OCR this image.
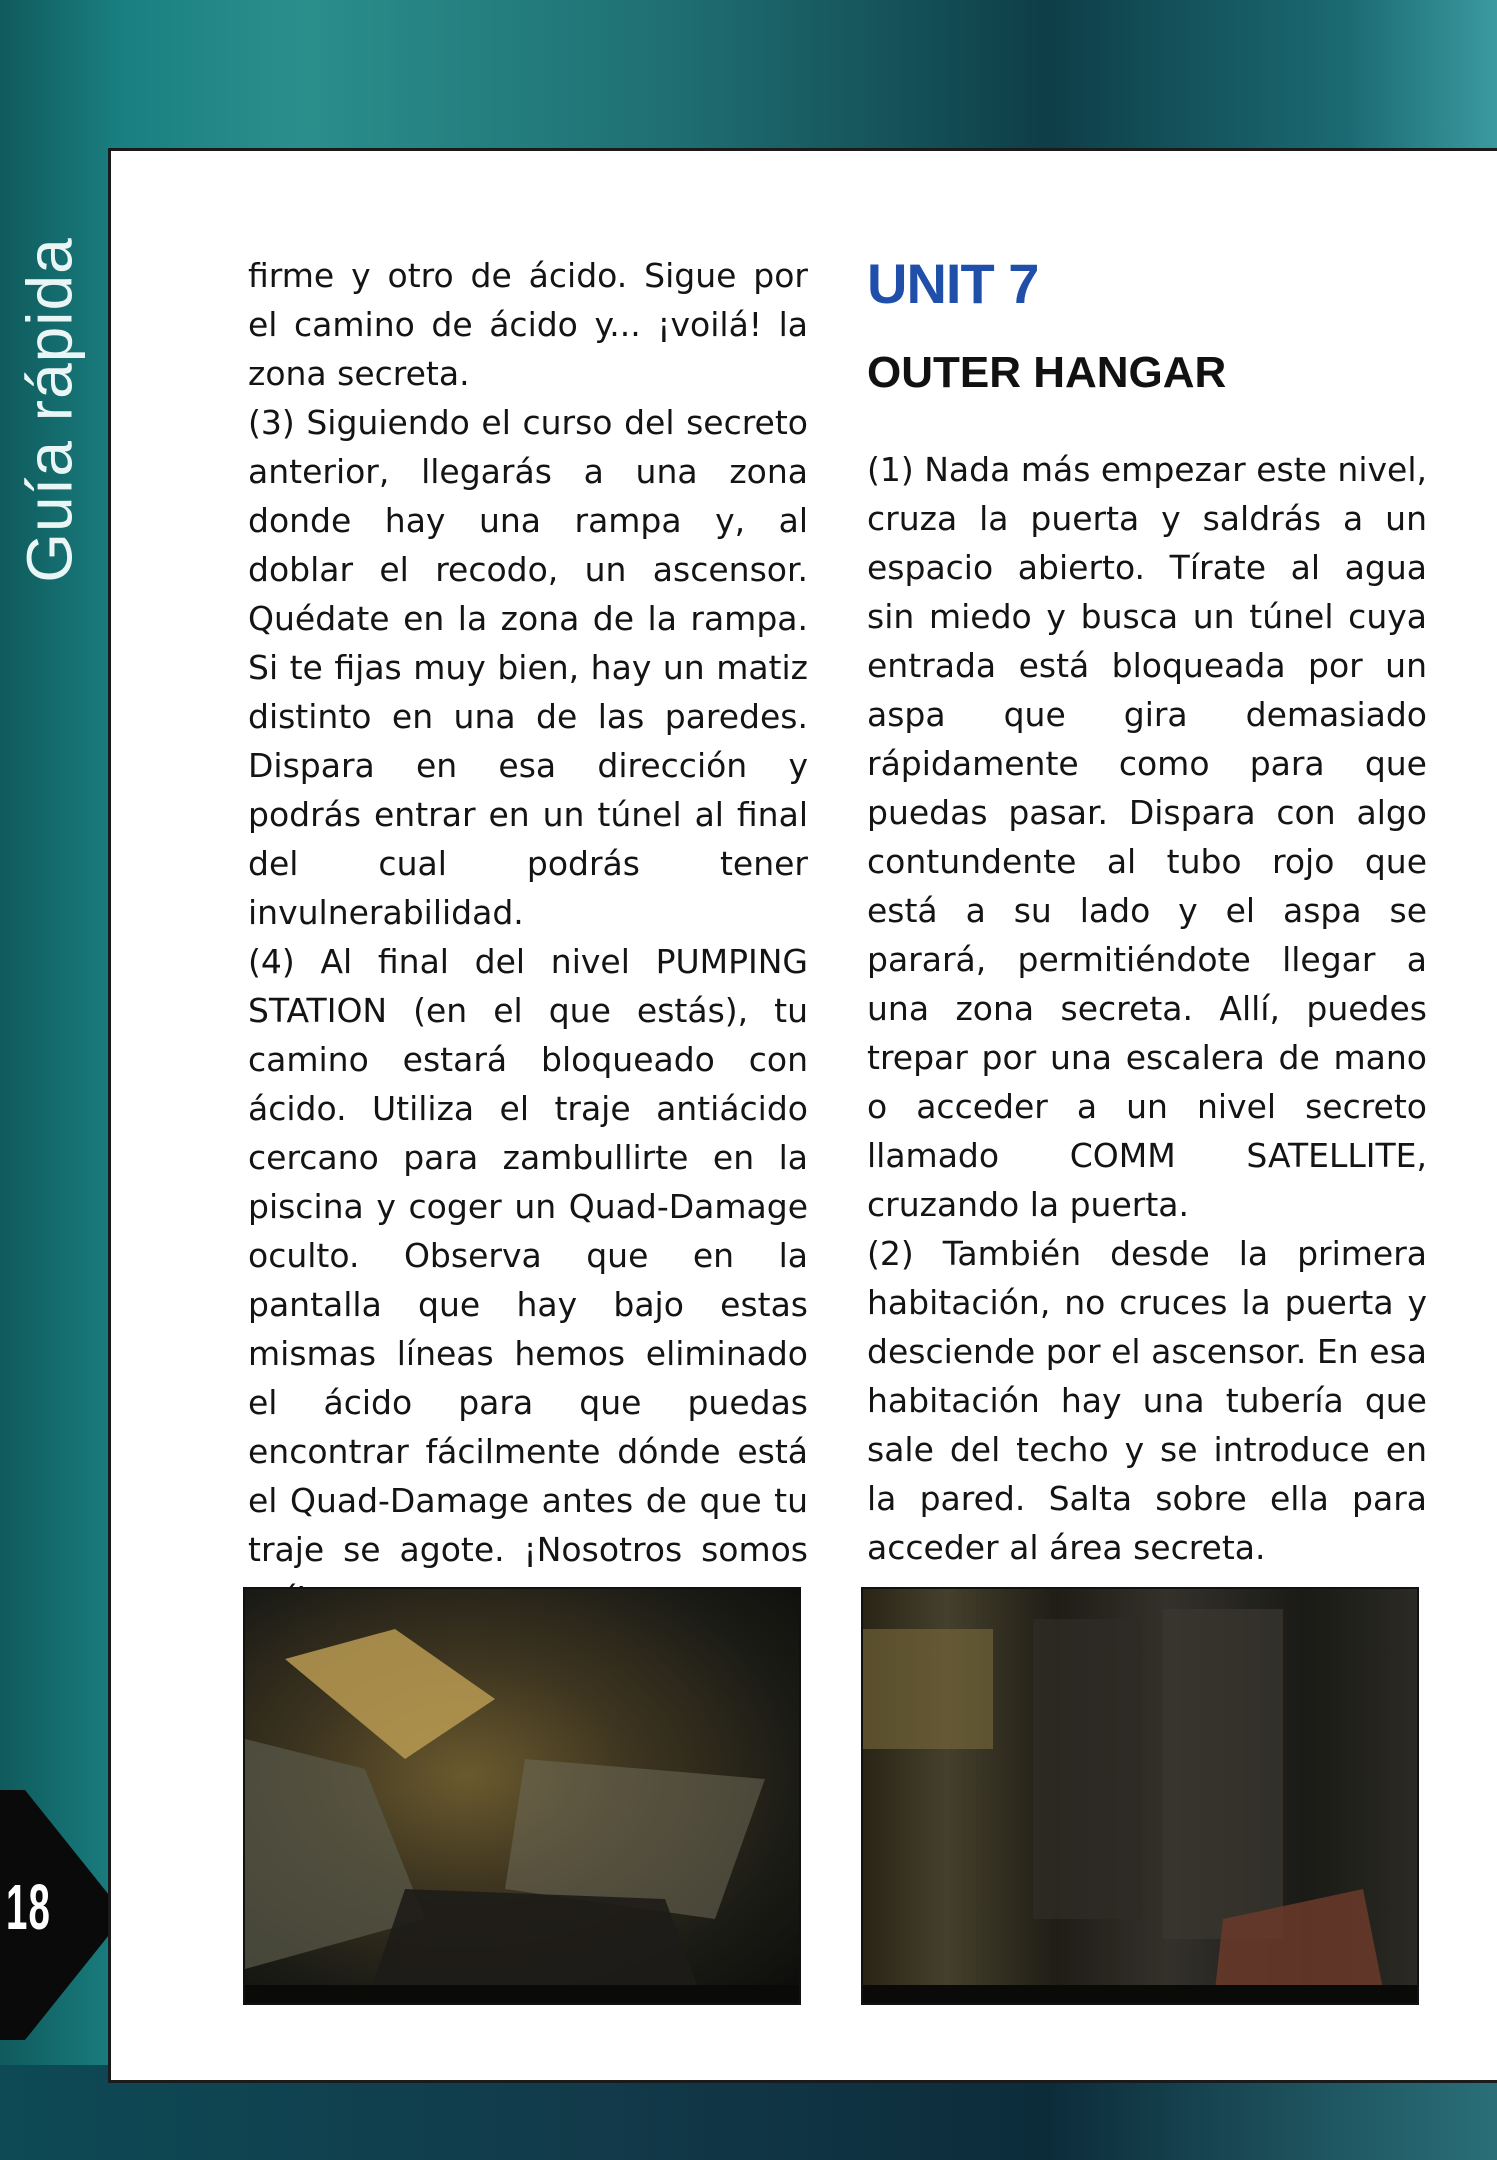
Guía rápida
18

firme y otro de ácido. Sigue por el camino de ácido y... ¡voilá! la zona secreta.

(3) Siguiendo el curso del secreto anterior, llegarás a una zona donde hay una rampa y, al doblar el recodo, un ascensor. Quédate en la zona de la rampa. Si te fijas muy bien, hay un matiz distinto en una de las paredes. Dispara en esa dirección y podrás entrar en un túnel al final del cual podrás tener invulnerabilidad.

(4) Al final del nivel PUMPING STATION (en el que estás), tu camino estará bloqueado con ácido. Utiliza el traje antiácido cercano para zambullirte en la piscina y coger un Quad-Damage oculto. Observa que en la pantalla que hay bajo estas mismas líneas hemos eliminado el ácido para que puedas encontrar fácilmente dónde está el Quad-Damage antes de que tu traje se agote. ¡Nosotros somos

UNIT 7
OUTER HANGAR

(1) Nada más empezar este nivel, cruza la puerta y saldrás a un espacio abierto. Tírate al agua sin miedo y busca un túnel cuya entrada está bloqueada por un aspa que gira demasiado rápidamente como para que puedas pasar. Dispara con algo contundente al tubo rojo que está a su lado y el aspa se parará, permitiéndote llegar a una zona secreta. Allí, puedes trepar por una escalera de mano o acceder a un nivel secreto llamado COMM SATELLITE, cruzando la puerta.

(2) También desde la primera habitación, no cruces la puerta y desciende por el ascensor. En esa habitación hay una tubería que sale del techo y se introduce en la pared. Salta sobre ella para acceder al área secreta.
